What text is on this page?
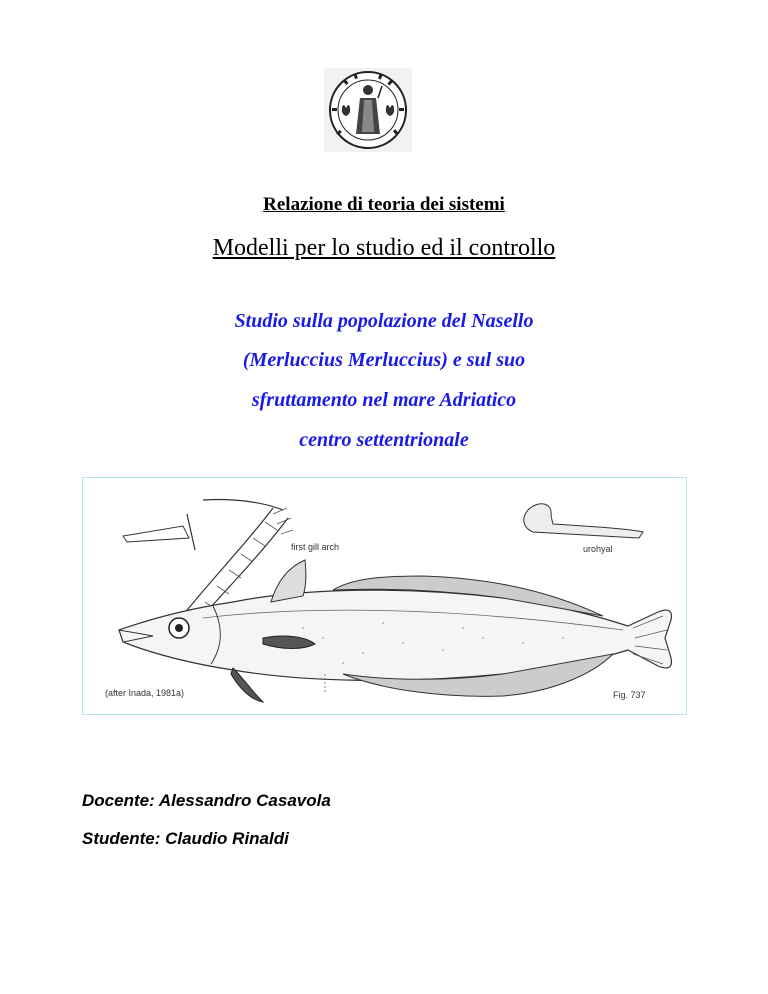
Relazione di teoria dei sistemi
Modelli per lo studio ed il controllo
Studio sulla popolazione del Nasello
(Merluccius Merluccius) e sul suo
sfruttamento nel mare Adriatico
centro settentrionale
first gill arch	urohyal
(after Inada, 1981a)	Fig. 737
Docente: Alessandro Casavola
Studente: Claudio Rinaldi
